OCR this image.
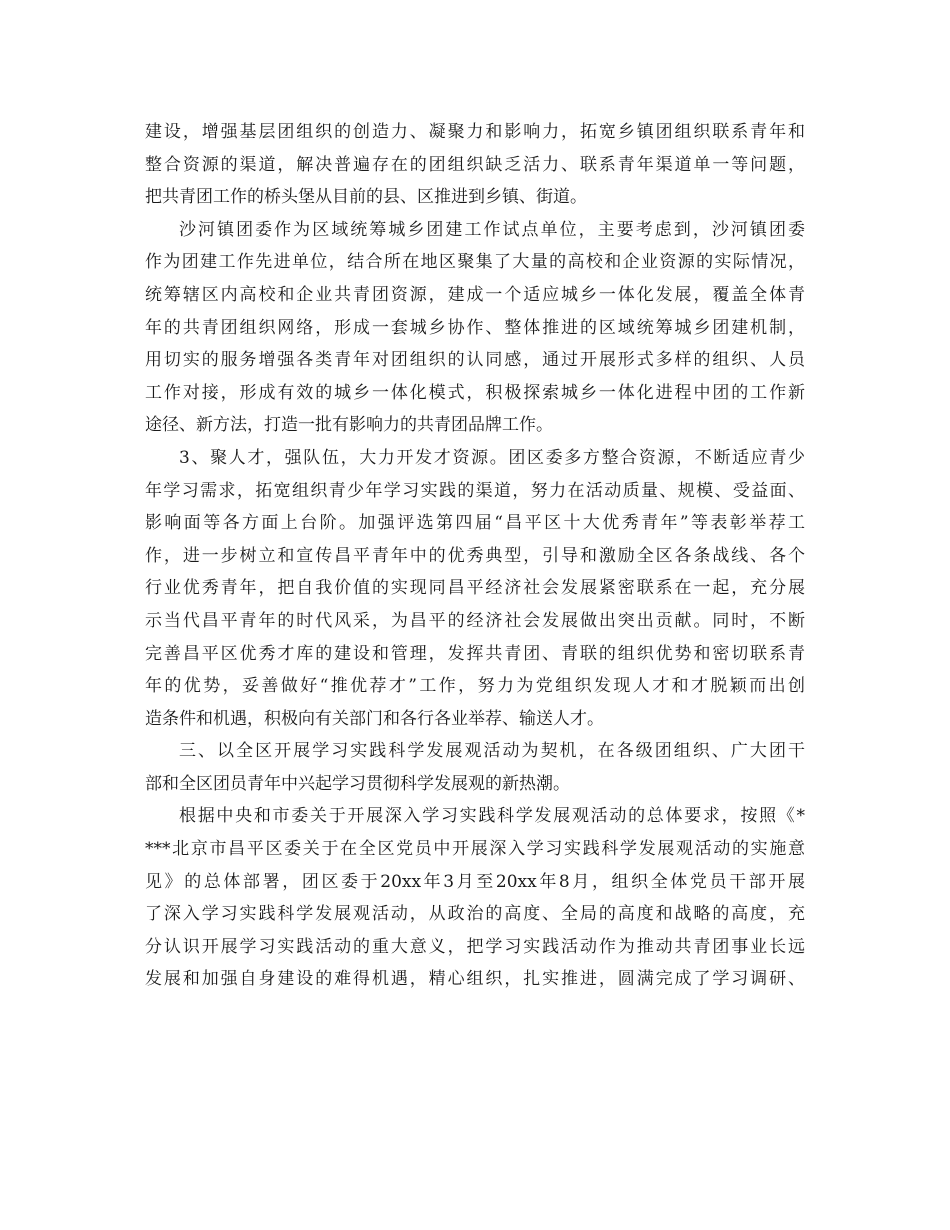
建设，增强基层团组织的创造力、凝聚力和影响力，拓宽乡镇团组织联系青年和
整合资源的渠道，解决普遍存在的团组织缺乏活力、联系青年渠道单一等问题，
把共青团工作的桥头堡从目前的县、区推进到乡镇、街道。
沙河镇团委作为区域统筹城乡团建工作试点单位，主要考虑到，沙河镇团委
作为团建工作先进单位，结合所在地区聚集了大量的高校和企业资源的实际情况，
统筹辖区内高校和企业共青团资源，建成一个适应城乡一体化发展，覆盖全体青
年的共青团组织网络，形成一套城乡协作、整体推进的区域统筹城乡团建机制，
用切实的服务增强各类青年对团组织的认同感，通过开展形式多样的组织、人员
工作对接，形成有效的城乡一体化模式，积极探索城乡一体化进程中团的工作新
途径、新方法，打造一批有影响力的共青团品牌工作。
3、聚人才，强队伍，大力开发才资源。团区委多方整合资源，不断适应青少
年学习需求，拓宽组织青少年学习实践的渠道，努力在活动质量、规模、受益面、
影响面等各方面上台阶。加强评选第四届“昌平区十大优秀青年”等表彰举荐工
作，进一步树立和宣传昌平青年中的优秀典型，引导和激励全区各条战线、各个
行业优秀青年，把自我价值的实现同昌平经济社会发展紧密联系在一起，充分展
示当代昌平青年的时代风采，为昌平的经济社会发展做出突出贡献。同时，不断
完善昌平区优秀才库的建设和管理，发挥共青团、青联的组织优势和密切联系青
年的优势，妥善做好“推优荐才”工作，努力为党组织发现人才和才脱颖而出创
造条件和机遇，积极向有关部门和各行各业举荐、输送人才。
三、以全区开展学习实践科学发展观活动为契机，在各级团组织、广大团干
部和全区团员青年中兴起学习贯彻科学发展观的新热潮。
根据中央和市委关于开展深入学习实践科学发展观活动的总体要求，按照《*
***北京市昌平区委关于在全区党员中开展深入学习实践科学发展观活动的实施意
见》的总体部署，团区委于20xx年3月至20xx年8月，组织全体党员干部开展
了深入学习实践科学发展观活动，从政治的高度、全局的高度和战略的高度，充
分认识开展学习实践活动的重大意义，把学习实践活动作为推动共青团事业长远
发展和加强自身建设的难得机遇，精心组织，扎实推进，圆满完成了学习调研、
